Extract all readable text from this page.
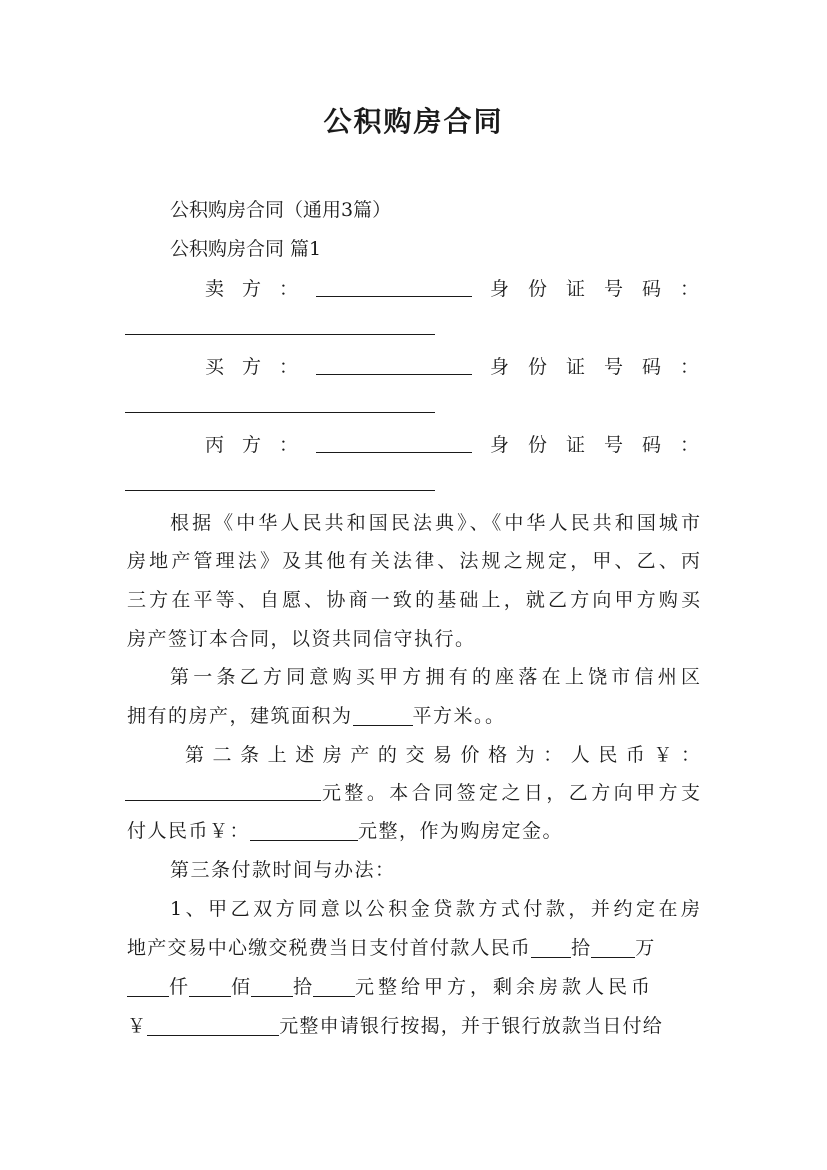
公积购房合同
公积购房合同（通用3篇）
公积购房合同 篇1
卖方：	身份证号码：
买方：	身份证号码：
丙方：	身份证号码：
根据《中华人民共和国民法典》、《中华人民共和国城市
房地产管理法》及其他有关法律、法规之规定，甲、乙、丙
三方在平等、自愿、协商一致的基础上，就乙方向甲方购买
房产签订本合同，以资共同信守执行。
第一条乙方同意购买甲方拥有的座落在上饶市信州区
拥有的房产，建筑面积为	平方米。。
第二条上述房产的交易价格为：人民币￥：
元整。本合同签定之日，乙方向甲方支
付人民币￥：	元整，作为购房定金。
第三条付款时间与办法：
1、甲乙双方同意以公积金贷款方式付款，并约定在房
地产交易中心缴交税费当日支付首付款人民币 拾 万
仟 佰 拾 元整给甲方，剩余房款人民币
￥	元整申请银行按揭，并于银行放款当日付给
